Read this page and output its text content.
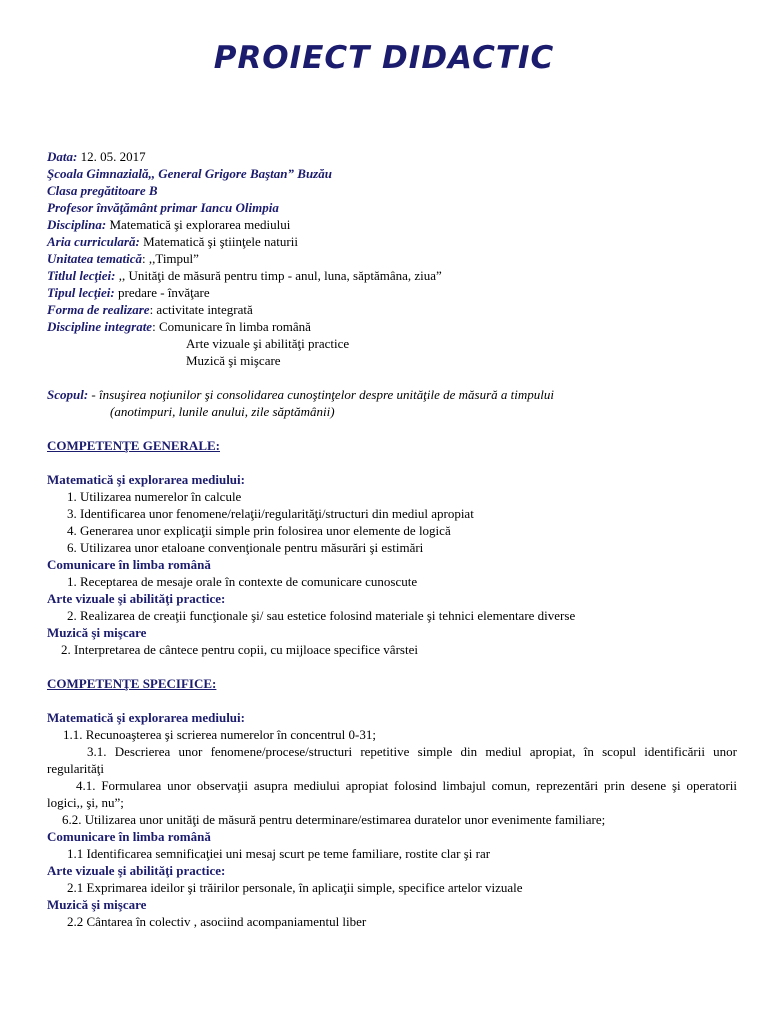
PROIECT DIDACTIC
Data: 12. 05. 2017
Şcoala Gimnazială,, General Grigore Baştan” Buzău
Clasa pregătitoare B
Profesor învăţământ primar Iancu Olimpia
Disciplina: Matematică şi explorarea mediului
Aria curriculară: Matematică şi ştiinţele naturii
Unitatea tematică: ,,Timpul”
Titlul lecţiei: ,, Unităţi de măsură pentru timp - anul, luna, săptămâna, ziua”
Tipul lecţiei: predare - învăţare
Forma de realizare: activitate integrată
Discipline integrate: Comunicare în limba română
Arte vizuale şi abilităţi practice
Muzică şi mişcare
Scopul: - însuşirea noţiunilor şi consolidarea cunoştinţelor despre unităţile de măsură a timpului
(anotimpuri, lunile anului, zile săptămânii)
COMPETENŢE GENERALE:
Matematică şi explorarea mediului:
1. Utilizarea numerelor în calcule
3. Identificarea unor fenomene/relaţii/regularităţi/structuri din mediul apropiat
4. Generarea unor explicaţii simple prin folosirea unor elemente de logică
6. Utilizarea unor etaloane convenţionale pentru măsurări şi estimări
Comunicare în limba română
1. Receptarea de mesaje orale în contexte de comunicare cunoscute
Arte vizuale şi abilităţi practice:
2. Realizarea de creaţii funcţionale şi/ sau estetice folosind materiale şi tehnici elementare diverse
Muzică şi mişcare
2. Interpretarea de cântece pentru copii, cu mijloace specifice vârstei
COMPETENŢE SPECIFICE:
Matematică şi explorarea mediului:
1.1. Recunoaşterea şi scrierea numerelor în concentrul 0-31;
3.1. Descrierea unor fenomene/procese/structuri repetitive simple din mediul apropiat, în scopul identificării unor regularităţi
4.1. Formularea unor observaţii asupra mediului apropiat folosind limbajul comun, reprezentări prin desene şi operatorii logici,, şi, nu”;
6.2. Utilizarea unor unităţi de măsură pentru determinare/estimarea duratelor unor evenimente familiare;
Comunicare în limba română
1.1 Identificarea semnificaţiei uni mesaj scurt pe teme familiare, rostite clar şi rar
Arte vizuale şi abilităţi practice:
2.1 Exprimarea ideilor şi trăirilor personale, în aplicaţii simple, specifice artelor vizuale
Muzică şi mişcare
2.2 Cântarea în colectiv , asociind acompaniamentul liber
